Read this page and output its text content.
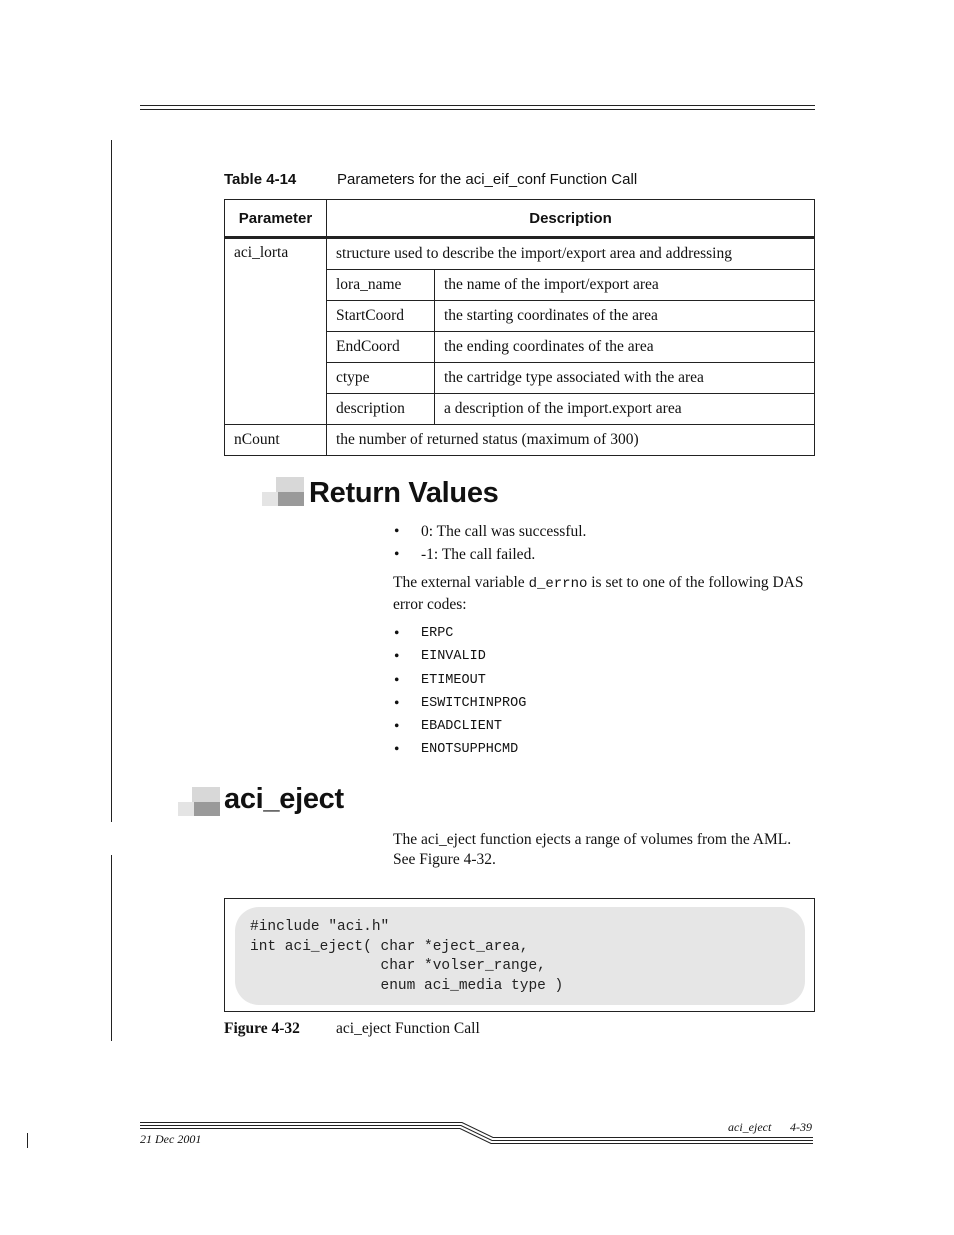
Table 4-14	Parameters for the aci_eif_conf Function Call
Parameter	Description	
aci_lorta	structure used to describe the import/export area and addressing	
	lora_name	the name of the import/export area
	StartCoord	the starting coordinates of the area
	EndCoord	the ending coordinates of the area
	ctype	the cartridge type associated with the area
	description	a description of the import.export area
nCount	the number of returned status (maximum of 300)	
Return Values
• 0: The call was successful.
• -1: The call failed.
The external variable d_errno is set to one of the following DAS error codes:
• ERPC
• EINVALID
• ETIMEOUT
• ESWITCHINPROG
• EBADCLIENT
• ENOTSUPPHCMD
aci_eject
The aci_eject function ejects a range of volumes from the AML. See Figure 4-32.
#include "aci.h"
int aci_eject( char *eject_area,
char *volser_range,
enum aci_media type )
Figure 4-32 aci_eject Function Call
aci_eject 4-39
21 Dec 2001
